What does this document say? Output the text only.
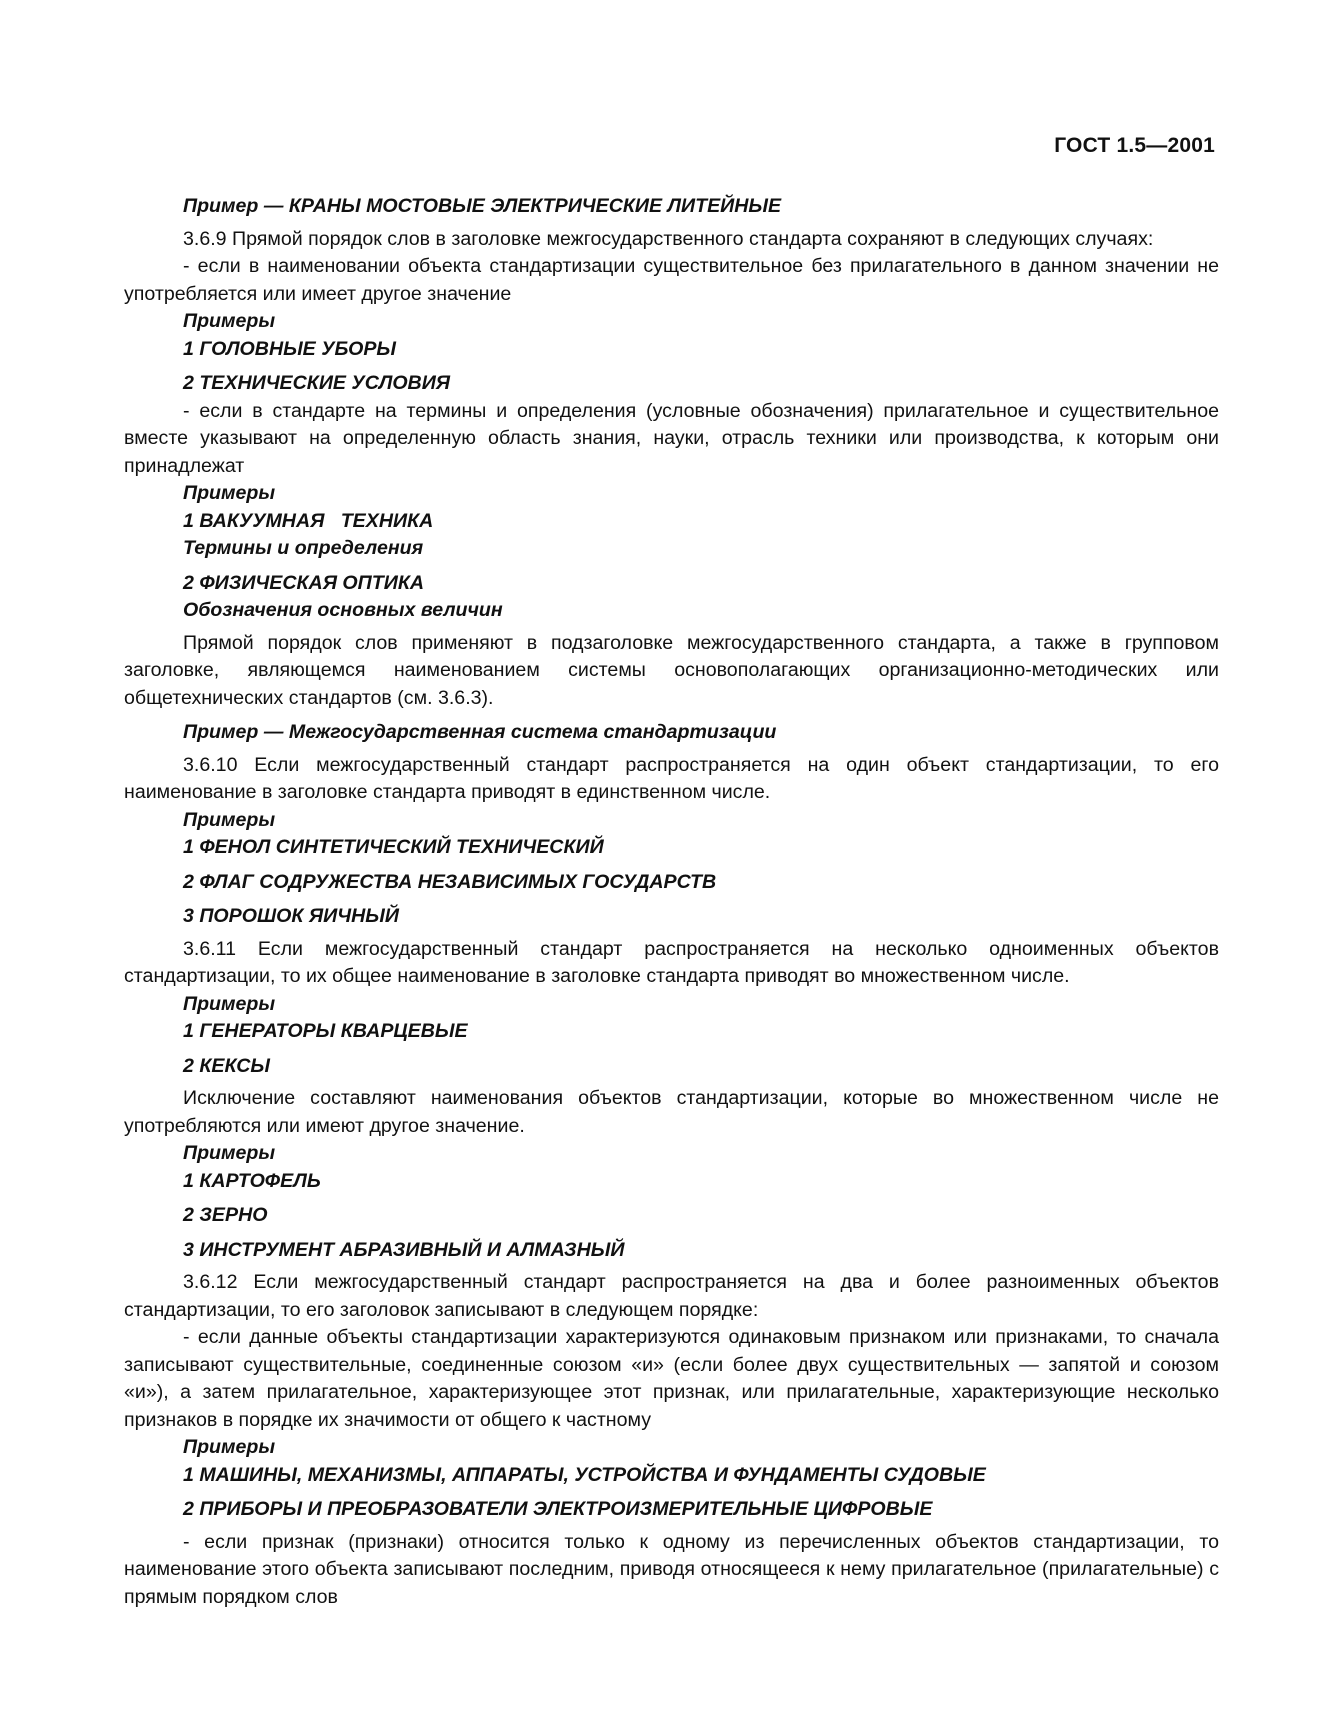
ГОСТ 1.5—2001
Пример — КРАНЫ МОСТОВЫЕ ЭЛЕКТРИЧЕСКИЕ ЛИТЕЙНЫЕ
3.6.9 Прямой порядок слов в заголовке межгосударственного стандарта сохраняют в следующих случаях:
- если в наименовании объекта стандартизации существительное без прилагательного в данном значении не употребляется или имеет другое значение
Примеры
1 ГОЛОВНЫЕ УБОРЫ
2 ТЕХНИЧЕСКИЕ УСЛОВИЯ
- если в стандарте на термины и определения (условные обозначения) прилагательное и существительное вместе указывают на определенную область знания, науки, отрасль техники или производства, к которым они принадлежат
Примеры
1 ВАКУУМНАЯ   ТЕХНИКА
Термины и определения
2 ФИЗИЧЕСКАЯ ОПТИКА
Обозначения основных величин
Прямой порядок слов применяют в подзаголовке межгосударственного стандарта, а также в групповом заголовке, являющемся наименованием системы основополагающих организационно-методических или общетехнических стандартов (см. 3.6.3).
Пример — Межгосударственная система стандартизации
3.6.10 Если межгосударственный стандарт распространяется на один объект стандартизации, то его наименование в заголовке стандарта приводят в единственном числе.
Примеры
1 ФЕНОЛ СИНТЕТИЧЕСКИЙ ТЕХНИЧЕСКИЙ
2 ФЛАГ СОДРУЖЕСТВА НЕЗАВИСИМЫХ ГОСУДАРСТВ
3 ПОРОШОК ЯИЧНЫЙ
3.6.11 Если межгосударственный стандарт распространяется на несколько одноименных объектов стандартизации, то их общее наименование в заголовке стандарта приводят во множественном числе.
Примеры
1 ГЕНЕРАТОРЫ КВАРЦЕВЫЕ
2 КЕКСЫ
Исключение составляют наименования объектов стандартизации, которые во множественном числе не употребляются или имеют другое значение.
Примеры
1 КАРТОФЕЛЬ
2 ЗЕРНО
3 ИНСТРУМЕНТ АБРАЗИВНЫЙ И АЛМАЗНЫЙ
3.6.12 Если межгосударственный стандарт распространяется на два и более разноименных объектов стандартизации, то его заголовок записывают в следующем порядке:
- если данные объекты стандартизации характеризуются одинаковым признаком или признаками, то сначала записывают существительные, соединенные союзом «и» (если более двух существительных — запятой и союзом «и»), а затем прилагательное, характеризующее этот признак, или прилагательные, характеризующие несколько признаков в порядке их значимости от общего к частному
Примеры
1 МАШИНЫ, МЕХАНИЗМЫ, АППАРАТЫ, УСТРОЙСТВА И ФУНДАМЕНТЫ СУДОВЫЕ
2 ПРИБОРЫ И ПРЕОБРАЗОВАТЕЛИ ЭЛЕКТРОИЗМЕРИТЕЛЬНЫЕ ЦИФРОВЫЕ
- если признак (признаки) относится только к одному из перечисленных объектов стандартизации, то наименование этого объекта записывают последним, приводя относящееся к нему прилагательное (прилагательные) с прямым порядком слов
